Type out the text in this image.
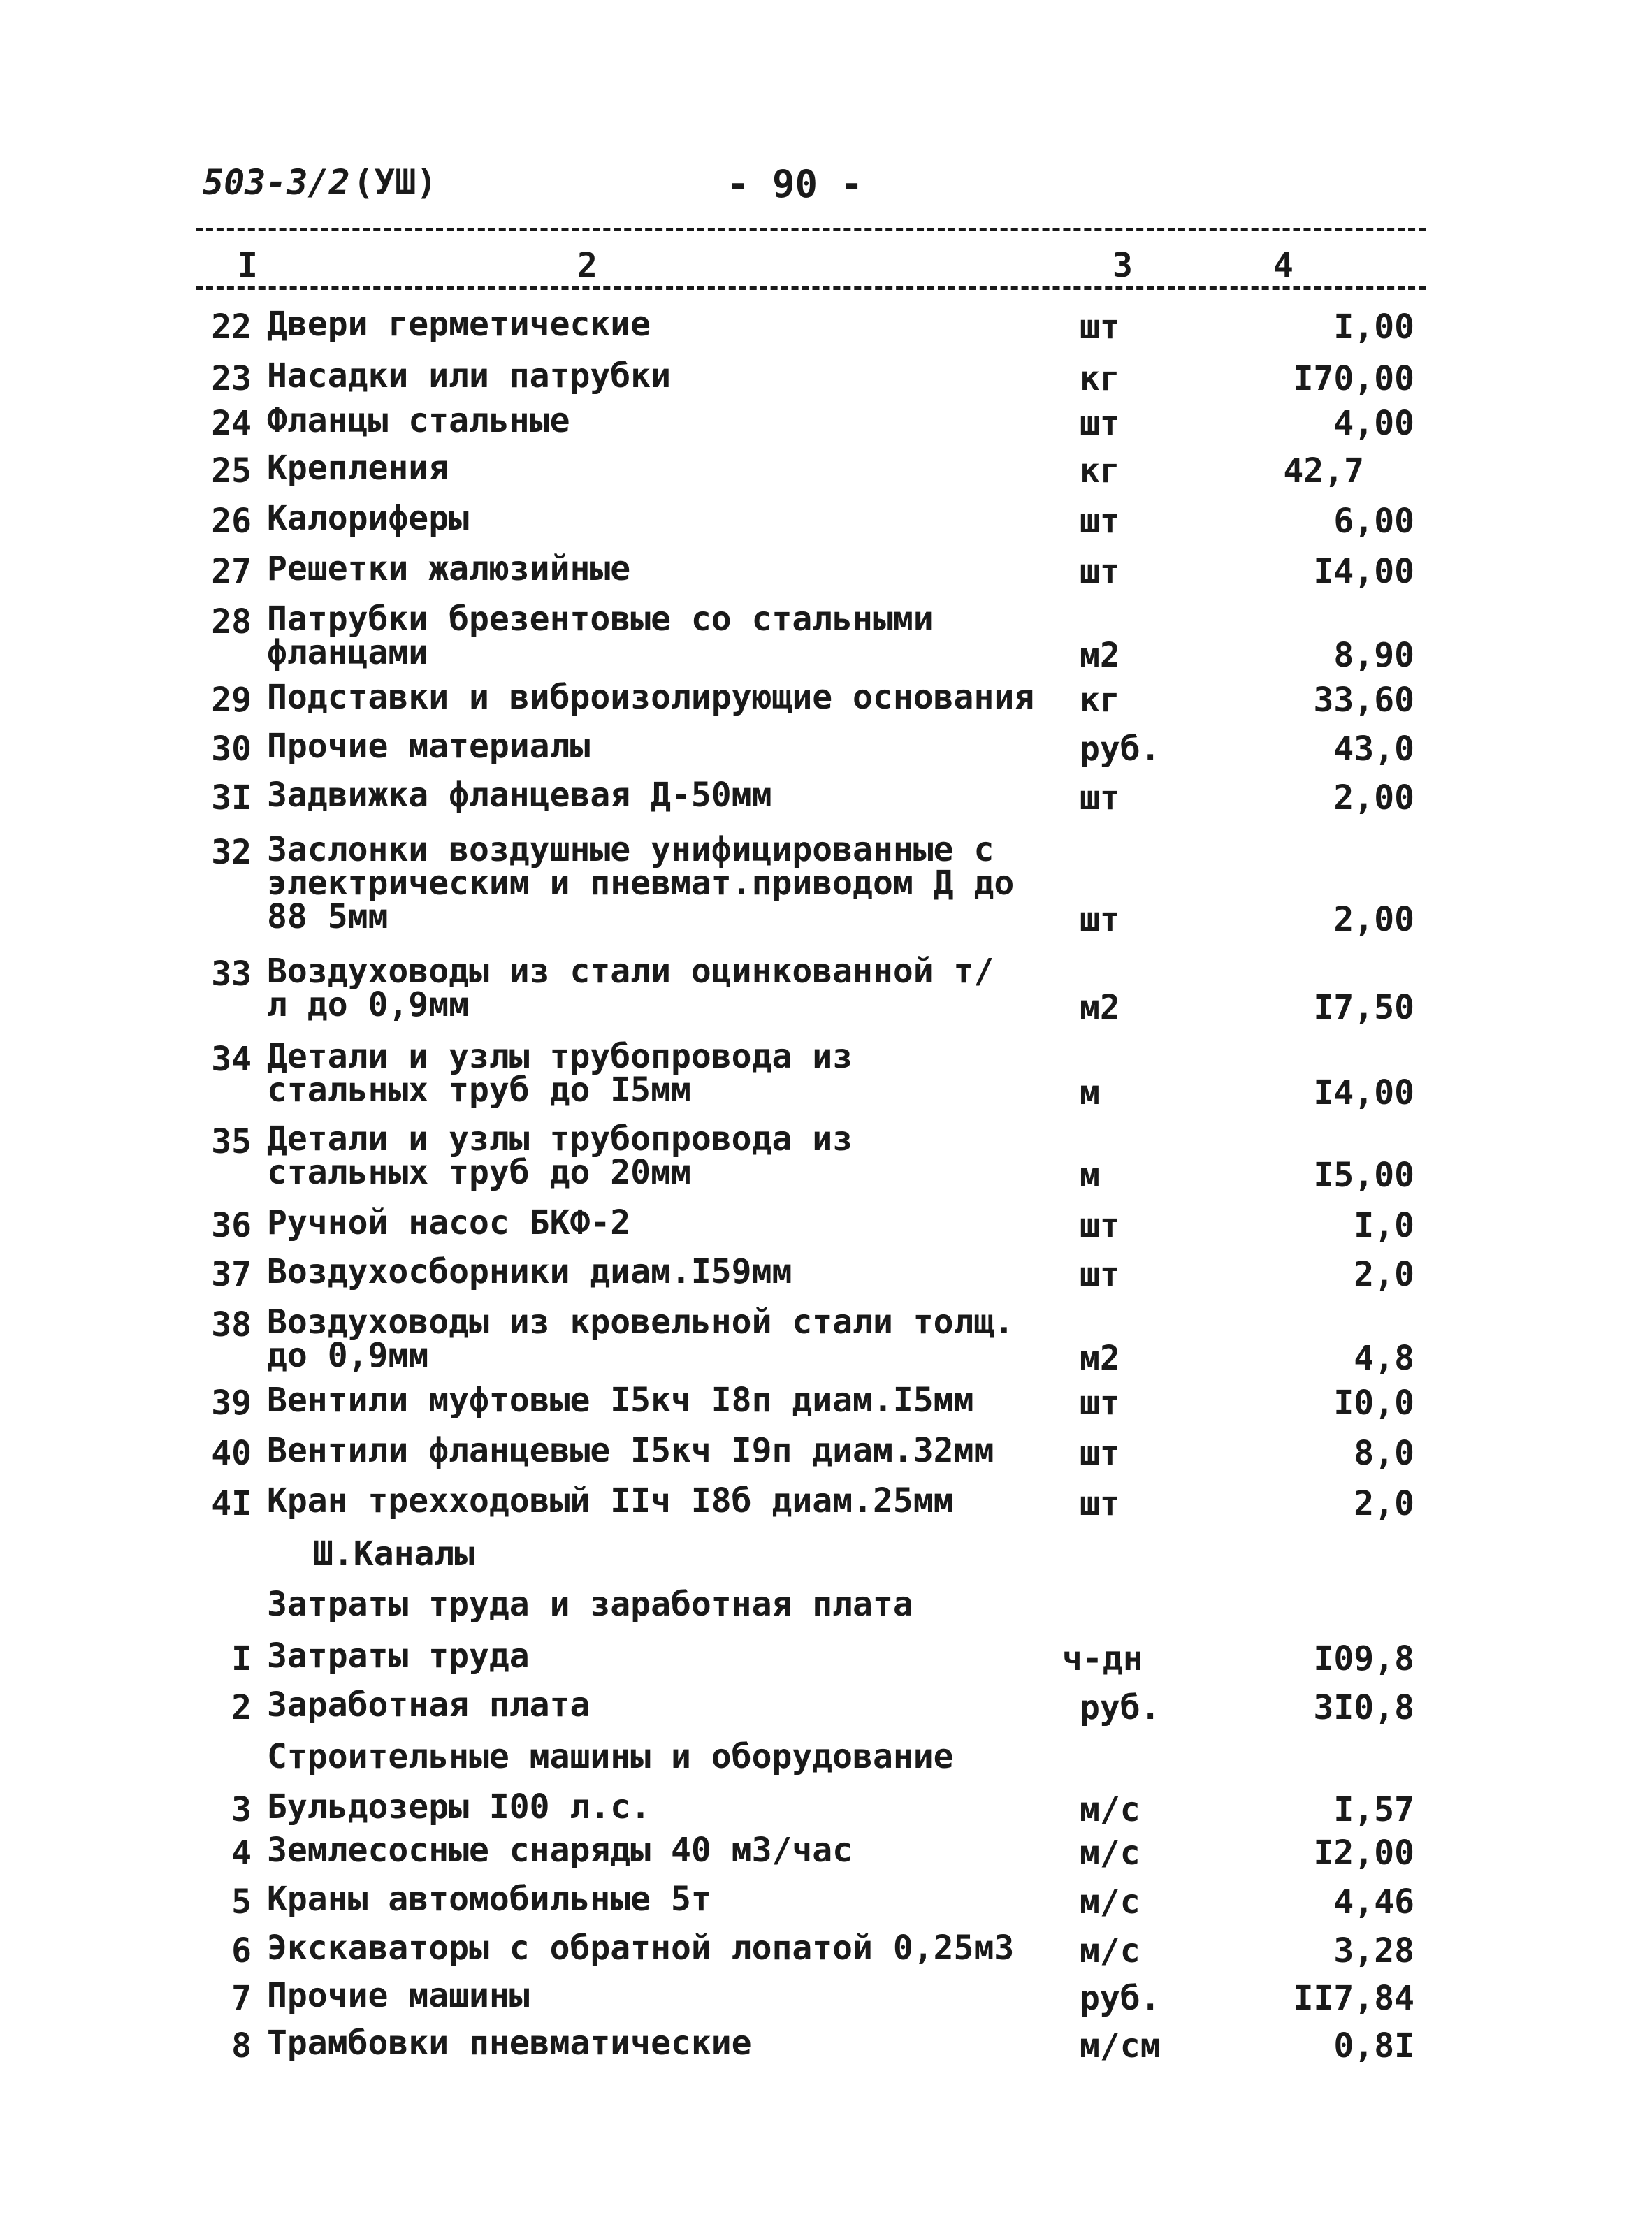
503-3/2 (УШ)	- 90 -
I	2	3	4
22 Двери герметические	шт	I,00
23 Насадки или патрубки	кг	I70,00
24 Фланцы стальные	шт	4,00
25 Крепления	кг	42,7
26 Калориферы	шт	6,00
27 Решетки жалюзийные	шт	I4,00
28 Патрубки брезентовые со стальными фланцами	м2	8,90
29 Подставки и виброизолирующие основания	кг	33,60
30 Прочие материалы	руб.	43,0
3I Задвижка фланцевая Д-50мм	шт	2,00
32 Заслонки воздушные унифицированные с электрическим и пневмат.приводом Д до 88 5мм	шт	2,00
33 Воздуховоды из стали оцинкованной т/л до 0,9мм	м2	I7,50
34 Детали и узлы трубопровода из стальных труб до I5мм	м	I4,00
35 Детали и узлы трубопровода из стальных труб до 20мм	м	I5,00
36 Ручной насос БКФ-2	шт	I,0
37 Воздухосборники диам.I59мм	шт	2,0
38 Воздуховоды из кровельной стали толщ. до 0,9мм	м2	4,8
39 Вентили муфтовые I5кч I8п диам.I5мм	шт	I0,0
40 Вентили фланцевые I5кч I9п диам.32мм	шт	8,0
4I Кран трехходовый IIч I8б диам.25мм	шт	2,0
Ш.Каналы
Затраты труда и заработная плата
I Затраты труда	ч-дн	I09,8
2 Заработная плата	руб.	3I0,8
Строительные машины и оборудование
3 Бульдозеры I00 л.с.	м/с	I,57
4 Землесосные снаряды 40 м3/час	м/с	I2,00
5 Краны автомобильные 5т	м/с	4,46
6 Экскаваторы с обратной лопатой 0,25м3	м/с	3,28
7 Прочие машины	руб.	II7,84
8 Трамбовки пневматические	м/см	0,8I
